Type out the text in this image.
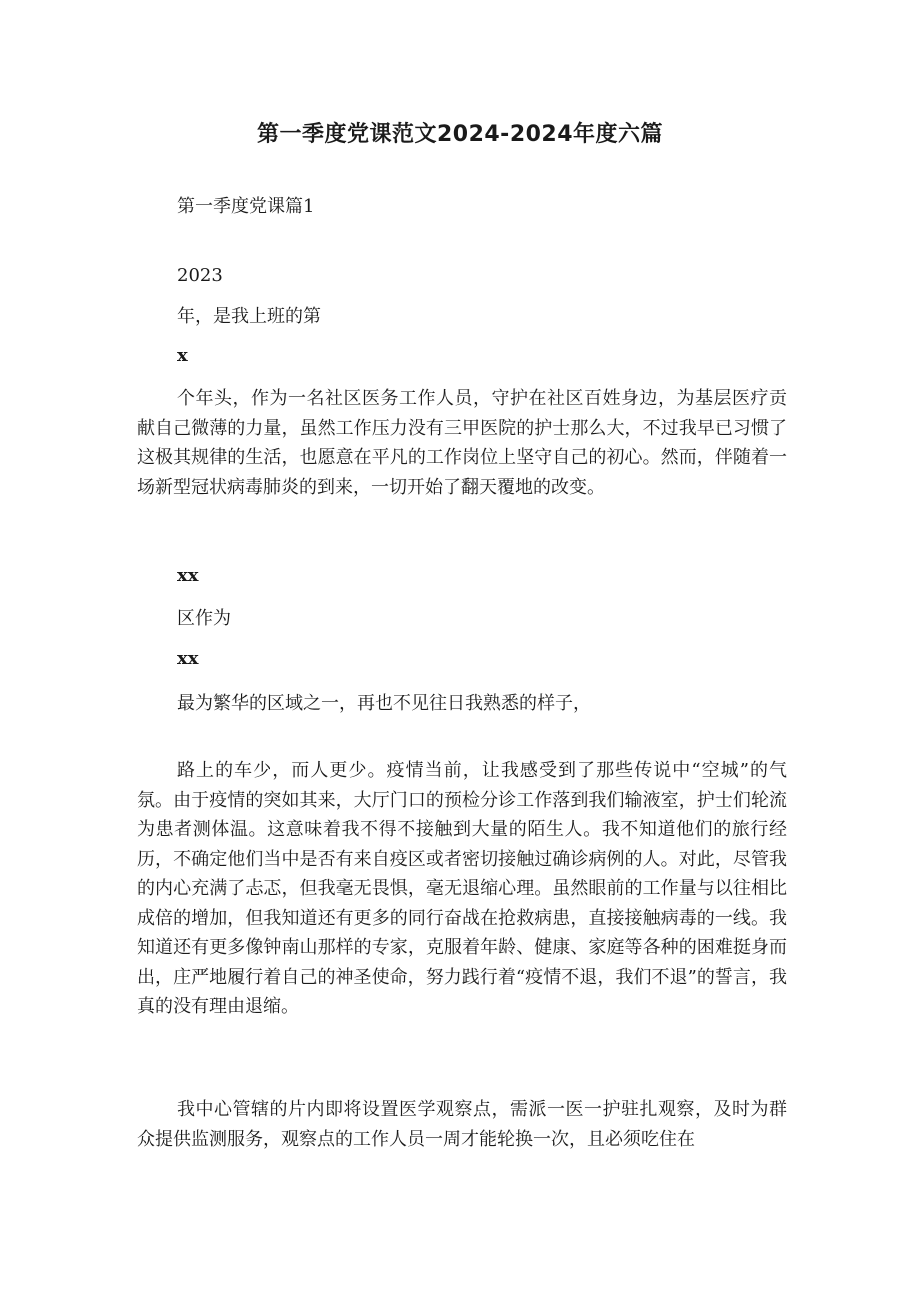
第一季度党课范文2024-2024年度六篇
第一季度党课篇1
2023
年，是我上班的第
x

个年头，作为一名社区医务工作人员，守护在社区百姓身边，为基层医疗贡献自己微薄的力量，虽然工作压力没有三甲医院的护士那么大，不过我早已习惯了这极其规律的生活，也愿意在平凡的工作岗位上坚守自己的初心。然而，伴随着一场新型冠状病毒肺炎的到来，一切开始了翻天覆地的改变。

xx
区作为
xx
最为繁华的区域之一，再也不见往日我熟悉的样子，

路上的车少，而人更少。疫情当前，让我感受到了那些传说中“空城”的气氛。由于疫情的突如其来，大厅门口的预检分诊工作落到我们输液室，护士们轮流为患者测体温。这意味着我不得不接触到大量的陌生人。我不知道他们的旅行经历，不确定他们当中是否有来自疫区或者密切接触过确诊病例的人。对此，尽管我的内心充满了忐忑，但我毫无畏惧，毫无退缩心理。虽然眼前的工作量与以往相比成倍的增加，但我知道还有更多的同行奋战在抢救病患，直接接触病毒的一线。我知道还有更多像钟南山那样的专家，克服着年龄、健康、家庭等各种的困难挺身而出，庄严地履行着自己的神圣使命，努力践行着“疫情不退，我们不退”的誓言，我真的没有理由退缩。

我中心管辖的片内即将设置医学观察点，需派一医一护驻扎观察，及时为群众提供监测服务，观察点的工作人员一周才能轮换一次，且必须吃住在
